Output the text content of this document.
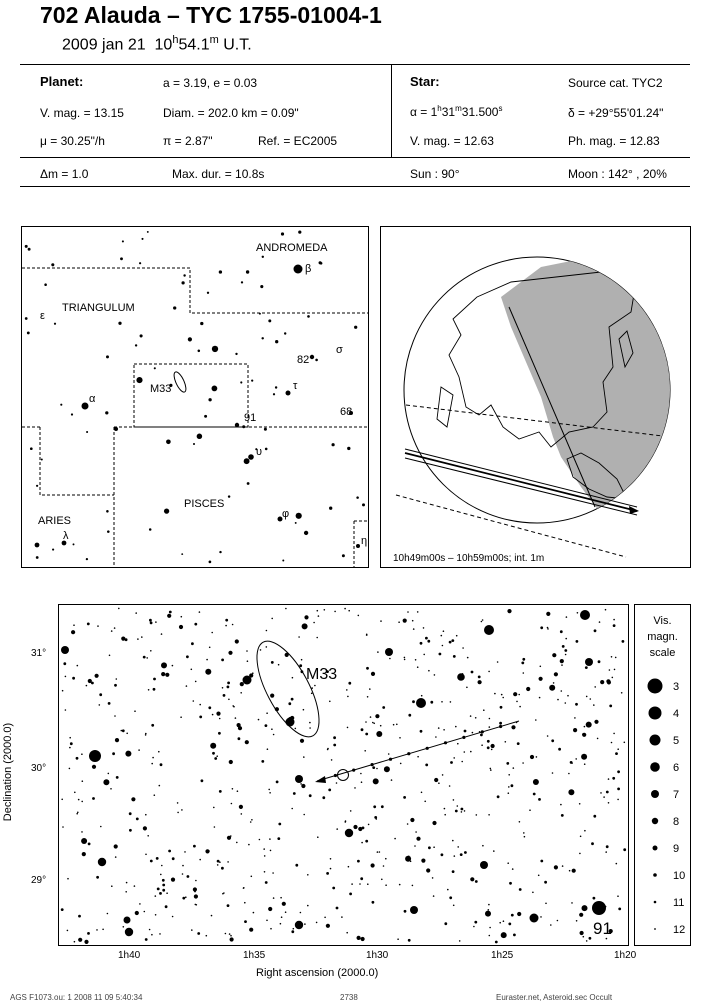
702 Alauda – TYC 1755-01004-1
2009 jan 21 10$^h$54.1$^m$ U.T.
Planet:	a = 3.19, e = 0.03
V. mag. = 13.15	Diam. = 202.0 km = 0.09"
μ = 30.25"/h	π = 2.87"	Ref. = EC2005
Star:	Source cat. TYC2
$\alpha = 1^h31^m31.500^s$	δ = +29°55'01.24"
V. mag. = 12.63	Ph. mag. = 12.83
Δm = 1.0	Max. dur. = 10.8s	Sun : 90°	Moon : 142° , 20%
ANDROMEDA
TRIANGULUM
PISCES
ARIES
M33
β
ε
α
σ
τ
υ
φ
λ	η
82
68
91
10h49m00s – 10h59m00s; int. 1m
M33
91
31°
30°
29°
1h40	1h35	1h30	1h25	1h20
Right ascension (2000.0)
Declination (2000.0)
Vis.
magn.
scale
3
4
5
6
7
8
9
10
11
12
AGS F1073.ou: 1 2008 11 09 5:40:34	2738	Euraster.net, Asteroid.sec Occult
